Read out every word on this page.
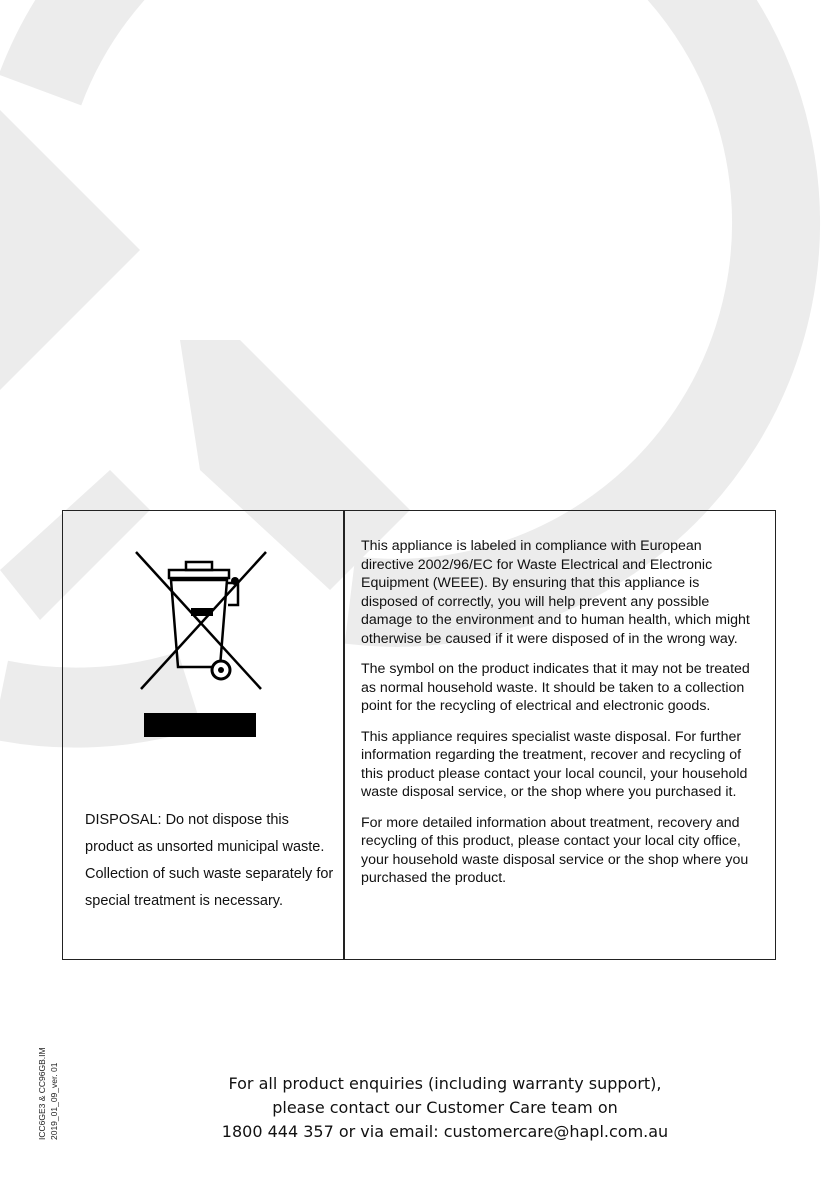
DISPOSAL: Do not dispose this product as unsorted municipal waste. Collection of such waste separately for special treatment is necessary.

This appliance is labeled in compliance with European directive 2002/96/EC for Waste Electrical and Electronic Equipment (WEEE). By ensuring that this appliance is disposed of correctly, you will help prevent any possible damage to the environment and to human health, which might otherwise be caused if it were disposed of in the wrong way.

The symbol on the product indicates that it may not be treated as normal household waste. It should be taken to a collection point for the recycling of electrical and electronic goods.

This appliance requires specialist waste disposal. For further information regarding the treatment, recover and recycling of this product please contact your local council, your household waste disposal service, or the shop where you purchased it.

For more detailed information about treatment, recovery and recycling of this product, please contact your local city office, your household waste disposal service or the shop where you purchased the product.

ICC6GE3 & CC96GB.IM 2019_01_09_ver. 01	For all product enquiries (including warranty support),
please contact our Customer Care team on
1800 444 357 or via email: customercare@hapl.com.au
